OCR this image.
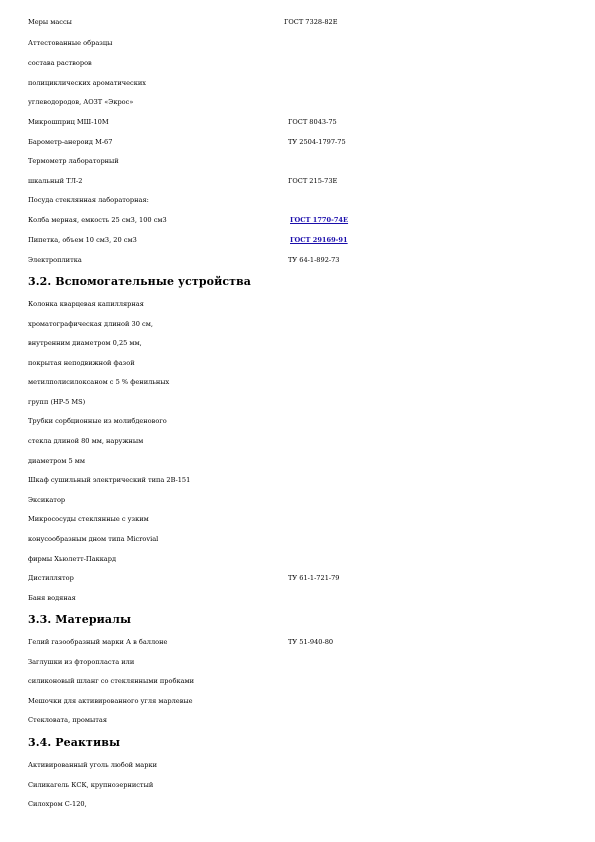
Меры массы	ГОСТ 7328-82Е
Аттестованные образцы
состава растворов
полициклических ароматических
углеводородов, АОЗТ «Экрос»
Микрошприц МШ-10М	ГОСТ 8043-75
Барометр-анероид М-67	ТУ 2504-1797-75
Термометр лабораторный
шкальный ТЛ-2	ГОСТ 215-73Е
Посуда стеклянная лабораторная:
Колба мерная, емкость 25 см3, 100 см3	ГОСТ 1770-74Е
Пипетка, объем 10 см3, 20 см3	ГОСТ 29169-91
Электроплитка	ТУ 64-1-892-73
3.2. Вспомогательные устройства
Колонка кварцевая капиллярная
хроматографическая длиной 30 см,
внутренним диаметром 0,25 мм,
покрытая неподвижной фазой
метилполисилоксаном с 5 % фенильных
групп (HP-5 MS)
Трубки сорбционные из молибденового
стекла длиной 80 мм, наружным
диаметром 5 мм
Шкаф сушильный электрический типа 2В-151
Эксикатор
Микрососуды стеклянные с узким
конусообразным дном типа Microvial
фирмы Хьюлетт-Паккард
Дистиллятор	ТУ 61-1-721-79
Баня водяная
3.3. Материалы
Гелий газообразный марки А в баллоне	ТУ 51-940-80
Заглушки из фторопласта или
силиконовый шланг со стеклянными пробками
Мешочки для активированного угля марлевые
Стекловата, промытая
3.4. Реактивы
Активированный уголь любой марки
Силикагель КСК, крупнозернистый
Силохром С-120,
